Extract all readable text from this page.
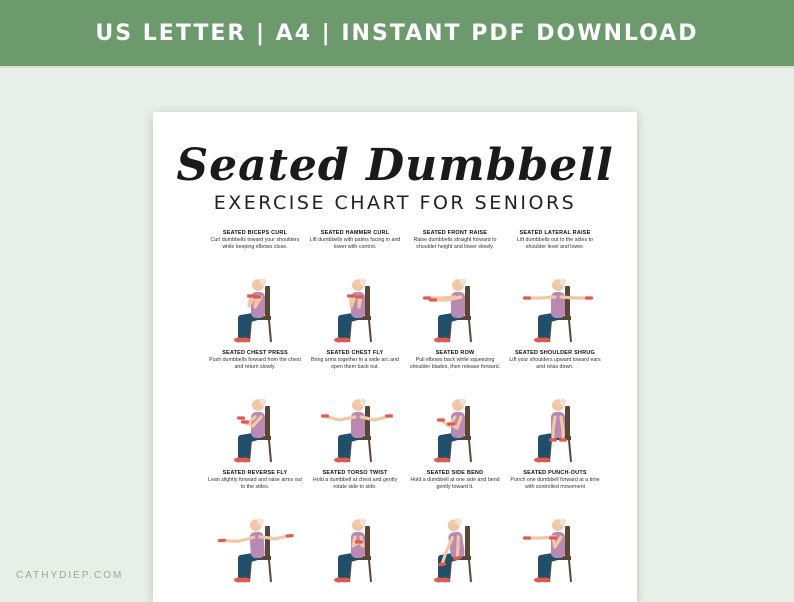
US LETTER | A4 | INSTANT PDF DOWNLOAD
Seated Dumbbell
EXERCISE CHART FOR SENIORS
SEATED BICEPS CURL
Curl dumbbells toward your shoulders while keeping elbows close.
SEATED HAMMER CURL
Lift dumbbells with palms facing in and lower with control.
SEATED FRONT RAISE
Raise dumbbells straight forward to shoulder height and lower slowly.
SEATED LATERAL RAISE
Lift dumbbells out to the sides to shoulder level and lower.
SEATED CHEST PRESS
Push dumbbells forward from the chest and return slowly.
SEATED CHEST FLY
Bring arms together in a wide arc and open them back out.
SEATED ROW
Pull elbows back while squeezing shoulder blades, then release forward.
SEATED SHOULDER SHRUG
Lift your shoulders upward toward ears and relax down.
SEATED REVERSE FLY
Lean slightly forward and raise arms out to the sides.
SEATED TORSO TWIST
Hold a dumbbell at chest and gently rotate side to side.
SEATED SIDE BEND
Hold a dumbbell at one side and bend gently toward it.
SEATED PUNCH-OUTS
Punch one dumbbell forward at a time with controlled movement
CATHYDIEP.COM
